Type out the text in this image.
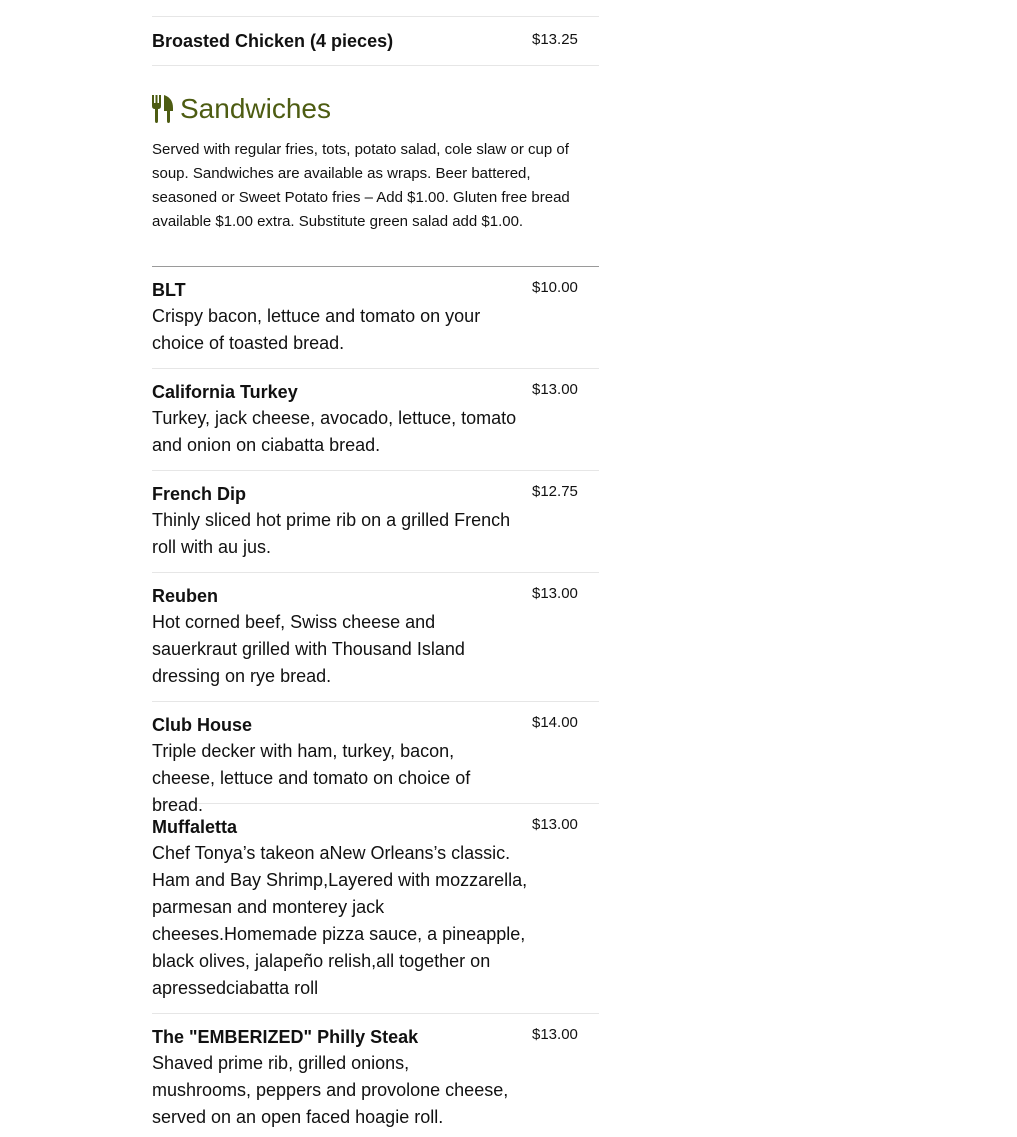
Broasted Chicken (4 pieces)	$13.25
Sandwiches
Served with regular fries, tots, potato salad, cole slaw or cup of soup. Sandwiches are available as wraps. Beer battered, seasoned or Sweet Potato fries – Add $1.00. Gluten free bread available $1.00 extra. Substitute green salad add $1.00.
BLT	$10.00
Crispy bacon, lettuce and tomato on your choice of toasted bread.
California Turkey	$13.00
Turkey, jack cheese, avocado, lettuce, tomato and onion on ciabatta bread.
French Dip	$12.75
Thinly sliced hot prime rib on a grilled French roll with au jus.
Reuben	$13.00
Hot corned beef, Swiss cheese and sauerkraut grilled with Thousand Island dressing on rye bread.
Club House	$14.00
Triple decker with ham, turkey, bacon, cheese, lettuce and tomato on choice of bread.
Muffaletta	$13.00
Chef Tonya’s takeon aNew Orleans’s classic. Ham and Bay Shrimp,Layered with mozzarella, parmesan and monterey jack cheeses.Homemade pizza sauce, a pineapple, black olives, jalapeño relish,all together on apressedciabatta roll
The "EMBERIZED" Philly Steak	$13.00
Shaved prime rib, grilled onions, mushrooms, peppers and provolone cheese, served on an open faced hoagie roll.
